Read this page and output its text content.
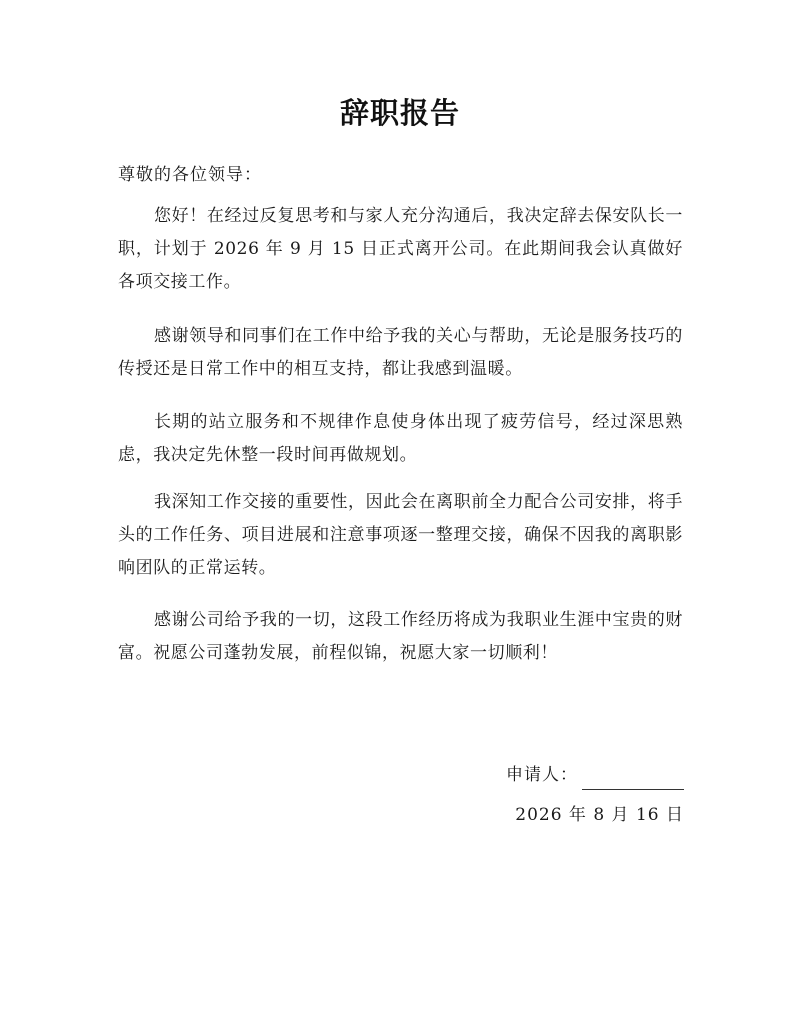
辞职报告
尊敬的各位领导：

您好！在经过反复思考和与家人充分沟通后，我决定辞去保安队长一职，计划于 2026 年 9 月 15 日正式离开公司。在此期间我会认真做好各项交接工作。

感谢领导和同事们在工作中给予我的关心与帮助，无论是服务技巧的传授还是日常工作中的相互支持，都让我感到温暖。

长期的站立服务和不规律作息使身体出现了疲劳信号，经过深思熟虑，我决定先休整一段时间再做规划。

我深知工作交接的重要性，因此会在离职前全力配合公司安排，将手头的工作任务、项目进展和注意事项逐一整理交接，确保不因我的离职影响团队的正常运转。

感谢公司给予我的一切，这段工作经历将成为我职业生涯中宝贵的财富。祝愿公司蓬勃发展，前程似锦，祝愿大家一切顺利！

申请人：
2026 年 8 月 16 日
